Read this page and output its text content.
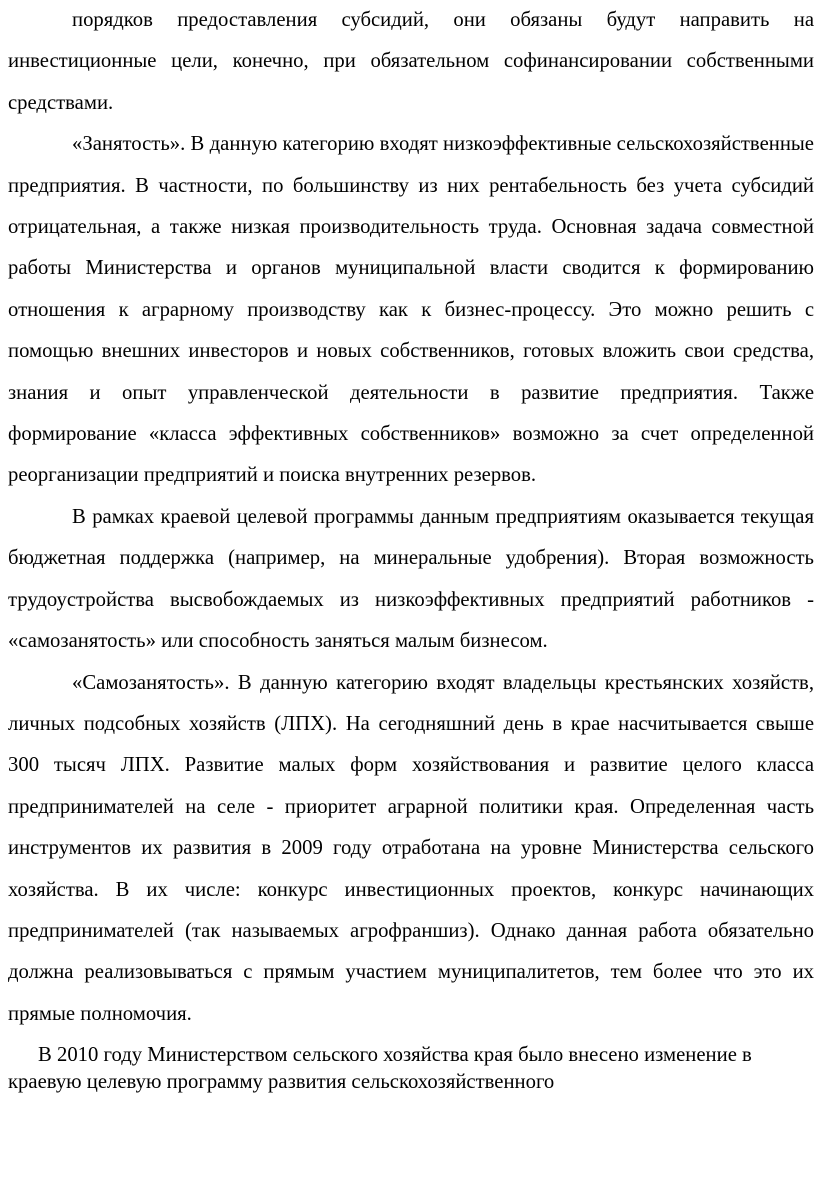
порядков предоставления субсидий, они обязаны будут направить на инвестиционные цели, конечно, при обязательном софинансировании собственными средствами.

«Занятость». В данную категорию входят низкоэффективные сельскохозяйственные предприятия. В частности, по большинству из них рентабельность без учета субсидий отрицательная, а также низкая производительность труда. Основная задача совместной работы Министерства и органов муниципальной власти сводится к формированию отношения к аграрному производству как к бизнес-процессу. Это можно решить с помощью внешних инвесторов и новых собственников, готовых вложить свои средства, знания и опыт управленческой деятельности в развитие предприятия. Также формирование «класса эффективных собственников» возможно за счет определенной реорганизации предприятий и поиска внутренних резервов.

В рамках краевой целевой программы данным предприятиям оказывается текущая бюджетная поддержка (например, на минеральные удобрения). Вторая возможность трудоустройства высвобождаемых из низкоэффективных предприятий работников - «самозанятость» или способность заняться малым бизнесом.

«Самозанятость». В данную категорию входят владельцы крестьянских хозяйств, личных подсобных хозяйств (ЛПХ). На сегодняшний день в крае насчитывается свыше 300 тысяч ЛПХ. Развитие малых форм хозяйствования и развитие целого класса предпринимателей на селе - приоритет аграрной политики края. Определенная часть инструментов их развития в 2009 году отработана на уровне Министерства сельского хозяйства. В их числе: конкурс инвестиционных проектов, конкурс начинающих предпринимателей (так называемых агрофраншиз). Однако данная работа обязательно должна реализовываться с прямым участием муниципалитетов, тем более что это их прямые полномочия.

В 2010 году Министерством сельского хозяйства края было внесено изменение в краевую целевую программу развития сельскохозяйственного
